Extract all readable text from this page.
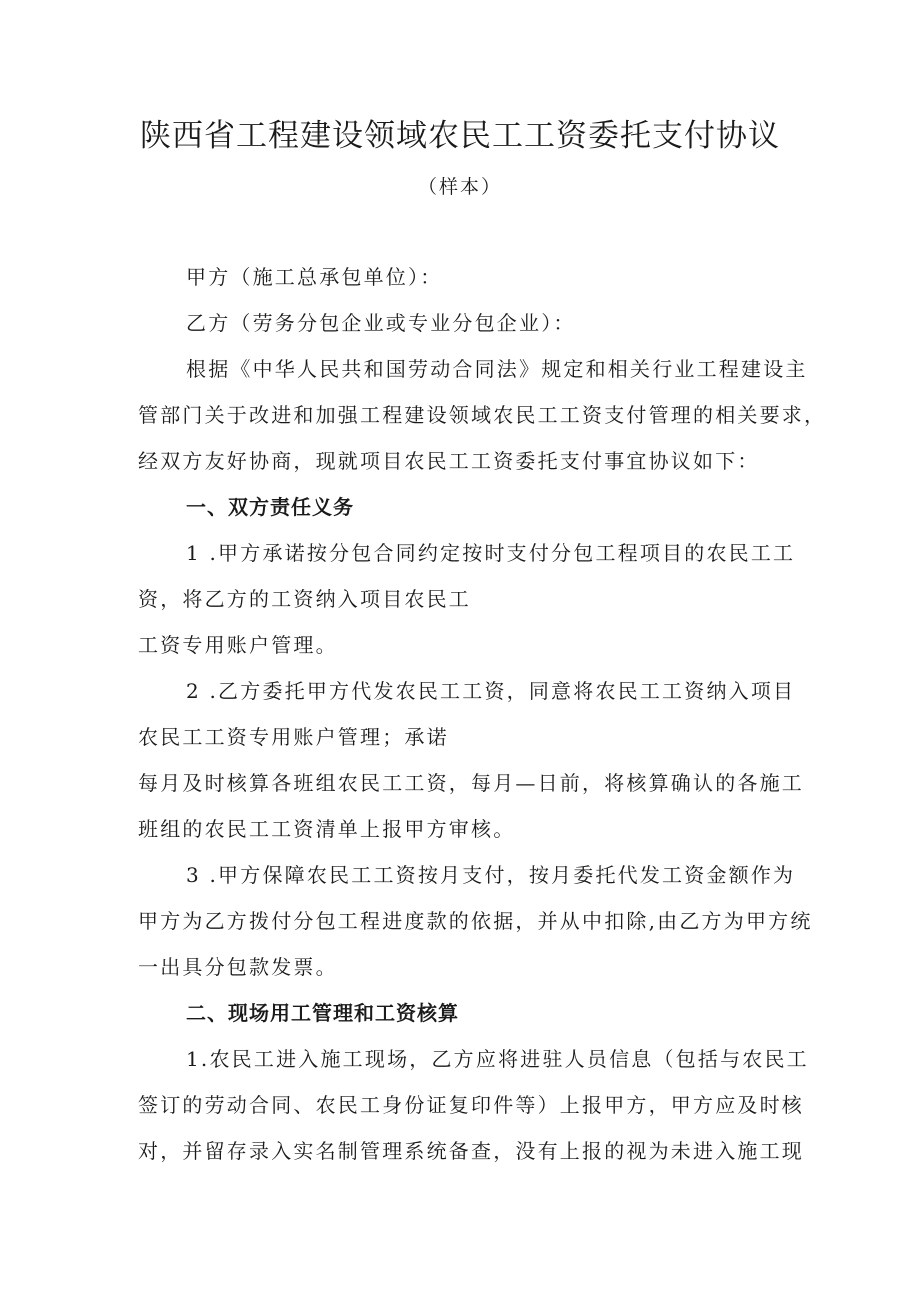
陕西省工程建设领域农民工工资委托支付协议
（样本）
甲方（施工总承包单位）：
乙方（劳务分包企业或专业分包企业）：
根据《中华人民共和国劳动合同法》规定和相关行业工程建设主
管部门关于改进和加强工程建设领域农民工工资支付管理的相关要求，
经双方友好协商，现就项目农民工工资委托支付事宜协议如下：
一、双方责任义务
1 .甲方承诺按分包合同约定按时支付分包工程项目的农民工工
资，将乙方的工资纳入项目农民工
工资专用账户管理。
2 .乙方委托甲方代发农民工工资，同意将农民工工资纳入项目
农民工工资专用账户管理；承诺
每月及时核算各班组农民工工资，每月—日前，将核算确认的各施工
班组的农民工工资清单上报甲方审核。
3 .甲方保障农民工工资按月支付，按月委托代发工资金额作为
甲方为乙方拨付分包工程进度款的依据，并从中扣除,由乙方为甲方统
一出具分包款发票。
二、现场用工管理和工资核算
1.农民工进入施工现场，乙方应将进驻人员信息（包括与农民工
签订的劳动合同、农民工身份证复印件等）上报甲方，甲方应及时核
对，并留存录入实名制管理系统备查，没有上报的视为未进入施工现
